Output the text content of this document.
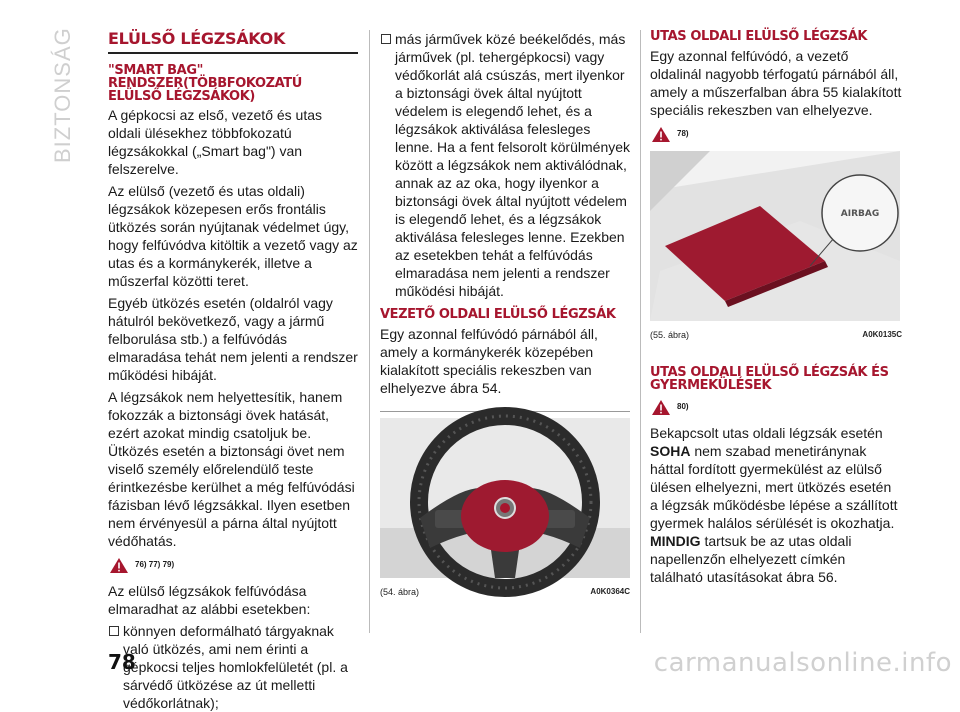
BIZTONSÁG ELÜLSŐ LÉGZSÁKOK
"SMART BAG" RENDSZER(TÖBBFOKOZATÚ ELÜLSŐ LÉGZSÁKOK)

A gépkocsi az első, vezető és utas oldali ülésekhez többfokozatú légzsákokkal („Smart bag") van felszerelve.

Az elülső (vezető és utas oldali) légzsákok közepesen erős frontális ütközés során nyújtanak védelmet úgy, hogy felfúvódva kitöltik a vezető vagy az utas és a kormánykerék, illetve a műszerfal közötti teret.

Egyéb ütközés esetén (oldalról vagy hátulról bekövetkező, vagy a jármű felborulása stb.) a felfúvódás elmaradása tehát nem jelenti a rendszer működési hibáját.

A légzsákok nem helyettesítik, hanem fokozzák a biztonsági övek hatását, ezért azokat mindig csatoljuk be. Ütközés esetén a biztonsági övet nem viselő személy előrelendülő teste érintkezésbe kerülhet a még felfúvódási fázisban lévő légzsákkal. Ilyen esetben nem érvényesül a párna által nyújtott védőhatás.

76) 77) 79)

Az elülső légzsákok felfúvódása elmaradhat az alábbi esetekben:

könnyen deformálható tárgyaknak való ütközés, ami nem érinti a gépkocsi teljes homlokfelületét (pl. a sárvédő ütközése az út melletti védőkorlátnak);
más járművek közé beékelődés, más járművek (pl. tehergépkocsi) vagy védőkorlát alá csúszás, mert ilyenkor a biztonsági övek által nyújtott védelem is elegendő lehet, és a légzsákok aktiválása felesleges lenne. Ha a fent felsorolt körülmények között a légzsákok nem aktiválódnak, annak az az oka, hogy ilyenkor a biztonsági övek által nyújtott védelem is elegendő lehet, és a légzsákok aktiválása felesleges lenne. Ezekben az esetekben tehát a felfúvódás elmaradása nem jelenti a rendszer működési hibáját.
VEZETŐ OLDALI ELÜLSŐ LÉGZSÁK

Egy azonnal felfúvódó párnából áll, amely a kormánykerék közepében kialakított speciális rekeszben van elhelyezve ábra 54.

(54. ábra)	A0K0364C
UTAS OLDALI ELÜLSŐ LÉGZSÁK

Egy azonnal felfúvódó, a vezető oldalinál nagyobb térfogatú párnából áll, amely a műszerfalban ábra 55 kialakított speciális rekeszben van elhelyezve.

78)
AIRBAG
(55. ábra)	A0K0135C
UTAS OLDALI ELÜLSŐ LÉGZSÁK ÉS GYERMEKÜLÉSEK
80)

Bekapcsolt utas oldali légzsák esetén SOHA nem szabad menetiránynak háttal fordított gyermekülést az elülső ülésen elhelyezni, mert ütközés esetén a légzsák működésbe lépése a szállított gyermek halálos sérülését is okozhatja. MINDIG tartsuk be az utas oldali napellenzőn elhelyezett címkén található utasításokat ábra 56.

78	carmanualsonline.info
